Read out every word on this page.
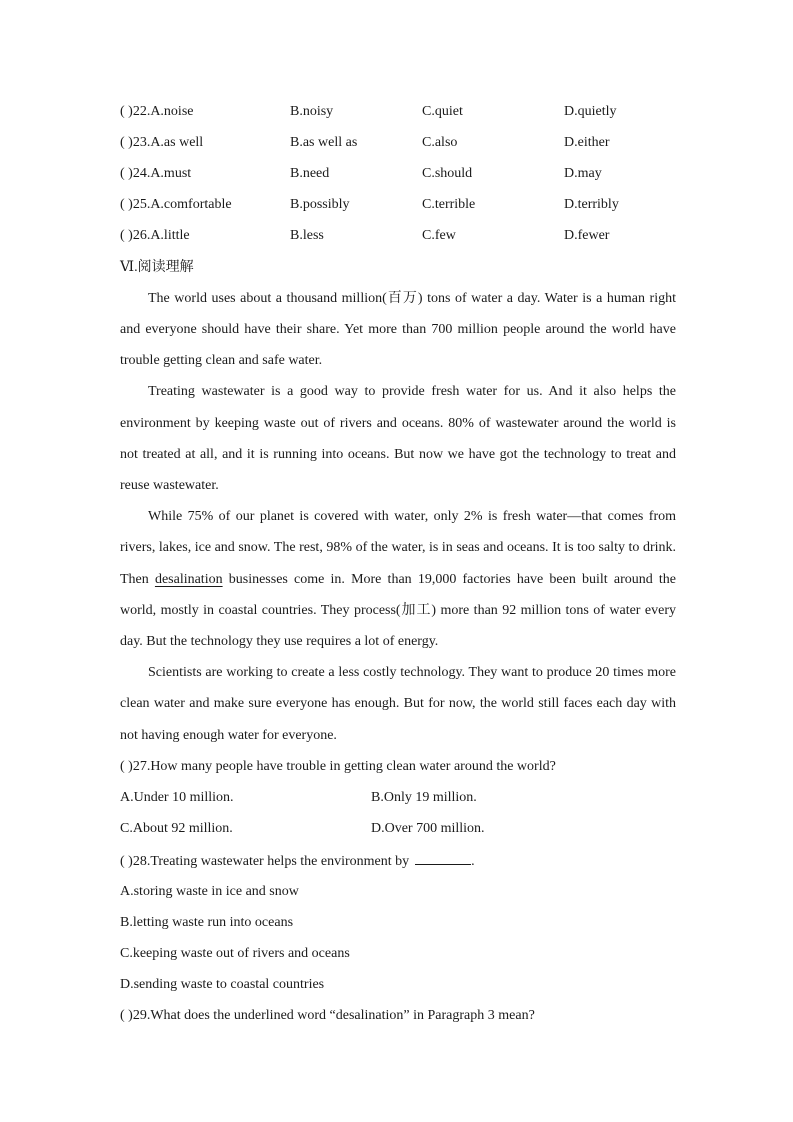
( )22.A.noise	B.noisy	C.quiet	D.quietly
( )23.A.as well	B.as well as	C.also	D.either
( )24.A.must	B.need	C.should	D.may
( )25.A.comfortable	B.possibly	C.terrible	D.terribly
( )26.A.little	B.less	C.few	D.fewer
Ⅵ.阅读理解
The world uses about a thousand million(百万) tons of water a day. Water is a human right
and everyone should have their share. Yet more than 700 million people around the world have
trouble getting clean and safe water.
Treating wastewater is a good way to provide fresh water for us. And it also helps the
environment by keeping waste out of rivers and oceans. 80% of wastewater around the world is
not treated at all, and it is running into oceans. But now we have got the technology to treat and
reuse wastewater.
While 75% of our planet is covered with water, only 2% is fresh water—that comes from
rivers, lakes, ice and snow. The rest, 98% of the water, is in seas and oceans. It is too salty to drink.
Then desalination businesses come in. More than 19,000 factories have been built around the
world, mostly in coastal countries. They process(加工) more than 92 million tons of water every
day. But the technology they use requires a lot of energy.
Scientists are working to create a less costly technology. They want to produce 20 times more
clean water and make sure everyone has enough. But for now, the world still faces each day with
not having enough water for everyone.
( )27.How many people have trouble in getting clean water around the world?
A.Under 10 million.	B.Only 19 million.
C.About 92 million.	D.Over 700 million.
( )28.Treating wastewater helps the environment by	.
A.storing waste in ice and snow
B.letting waste run into oceans
C.keeping waste out of rivers and oceans
D.sending waste to coastal countries
( )29.What does the underlined word “desalination” in Paragraph 3 mean?
